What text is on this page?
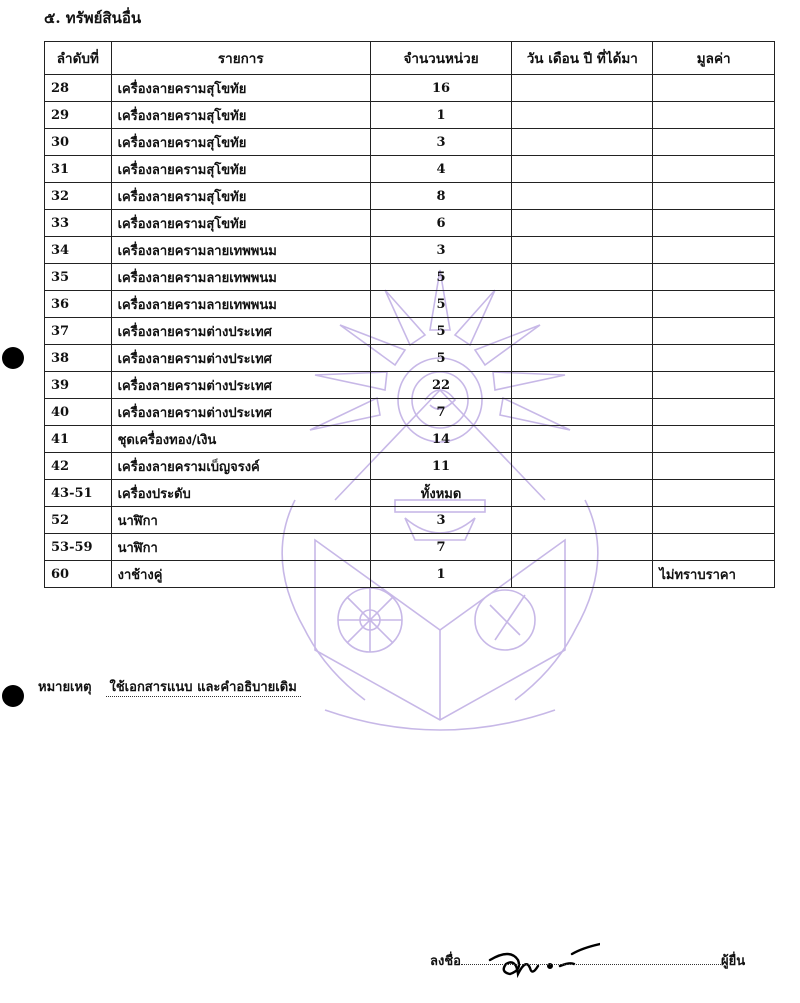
๕. ทรัพย์สินอื่น
ลำดับที่	รายการ	จำนวนหน่วย	วัน เดือน ปี ที่ได้มา	มูลค่า
28	เครื่องลายครามสุโขทัย	16		
29	เครื่องลายครามสุโขทัย	1		
30	เครื่องลายครามสุโขทัย	3		
31	เครื่องลายครามสุโขทัย	4		
32	เครื่องลายครามสุโขทัย	8		
33	เครื่องลายครามสุโขทัย	6		
34	เครื่องลายครามลายเทพพนม	3		
35	เครื่องลายครามลายเทพพนม	5		
36	เครื่องลายครามลายเทพพนม	5		
37	เครื่องลายครามต่างประเทศ	5		
38	เครื่องลายครามต่างประเทศ	5		
39	เครื่องลายครามต่างประเทศ	22		
40	เครื่องลายครามต่างประเทศ	7		
41	ชุดเครื่องทอง/เงิน	14		
42	เครื่องลายครามเบ็ญจรงค์	11		
43-51	เครื่องประดับ	ทั้งหมด		
52	นาฬิกา	3		
53-59	นาฬิกา	7		
60	งาช้างคู่	1		ไม่ทราบราคา
หมายเหตุ ใช้เอกสารแนบ และคำอธิบายเดิม
ลงชื่อ	ผู้ยื่น
